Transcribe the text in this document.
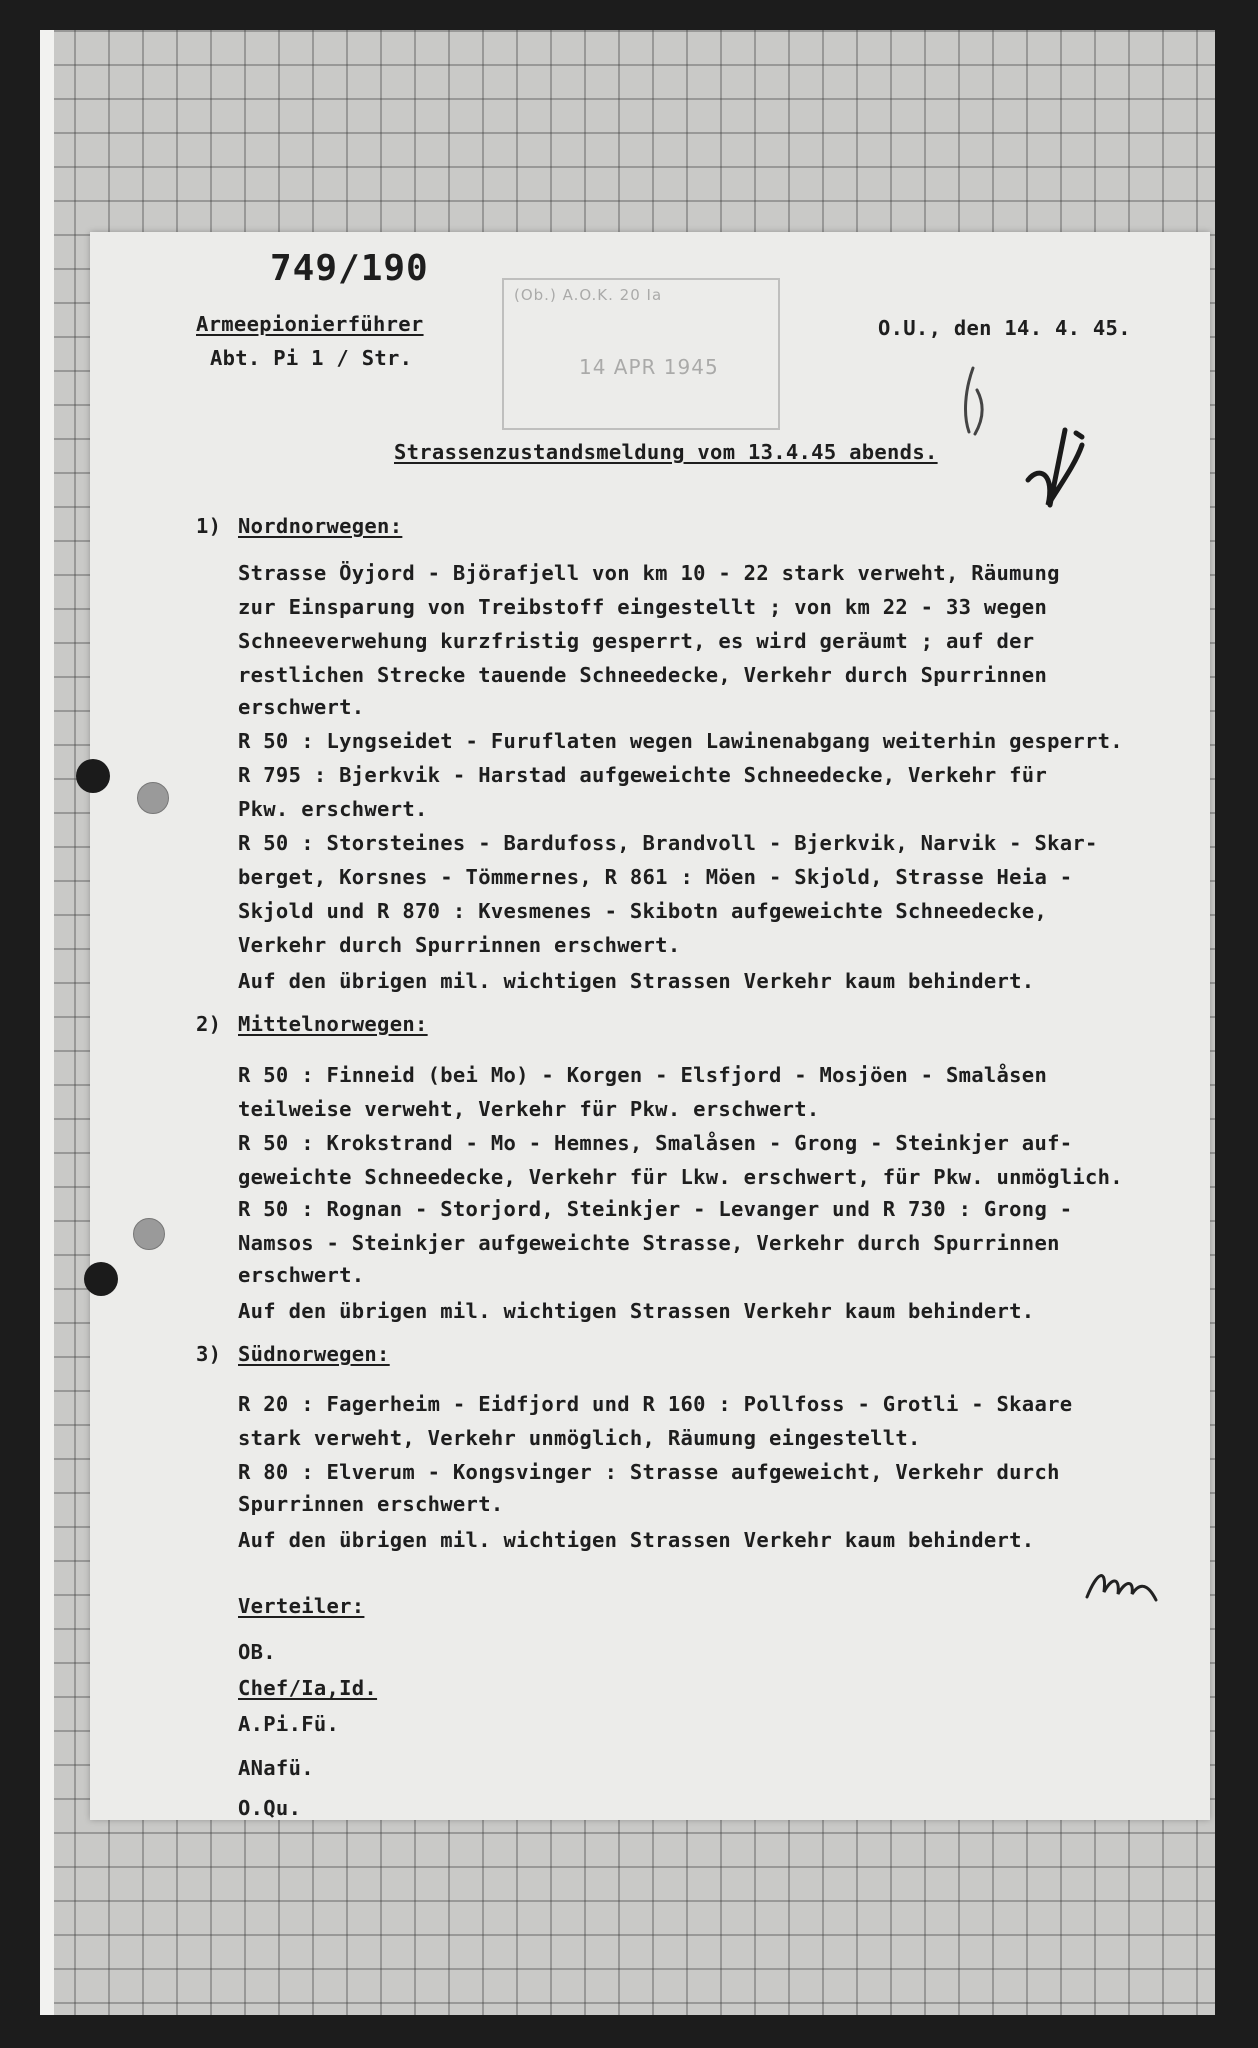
(Ob.) A.O.K. 20 Ia
14 APR 1945
749/190
Armeepionierführer
Abt. Pi 1 / Str.
O.U., den 14. 4. 45.
Strassenzustandsmeldung vom 13.4.45 abends.
1) Nordnorwegen:
Strasse Öyjord - Björafjell von km 10 - 22 stark verweht, Räumung
zur Einsparung von Treibstoff eingestellt ; von km 22 - 33 wegen
Schneeverwehung kurzfristig gesperrt, es wird geräumt ; auf der
restlichen Strecke tauende Schneedecke, Verkehr durch Spurrinnen
erschwert.
R 50 : Lyngseidet - Furuflaten wegen Lawinenabgang weiterhin gesperrt.
R 795 : Bjerkvik - Harstad aufgeweichte Schneedecke, Verkehr für
Pkw. erschwert.
R 50 : Storsteines - Bardufoss, Brandvoll - Bjerkvik, Narvik - Skar-
berget, Korsnes - Tömmernes, R 861 : Möen - Skjold, Strasse Heia -
Skjold und R 870 : Kvesmenes - Skibotn aufgeweichte Schneedecke,
Verkehr durch Spurrinnen erschwert.
Auf den übrigen mil. wichtigen Strassen Verkehr kaum behindert.
2) Mittelnorwegen:
R 50 : Finneid (bei Mo) - Korgen - Elsfjord - Mosjöen - Smalåsen
teilweise verweht, Verkehr für Pkw. erschwert.
R 50 : Krokstrand - Mo - Hemnes, Smalåsen - Grong - Steinkjer auf-
geweichte Schneedecke, Verkehr für Lkw. erschwert, für Pkw. unmöglich.
R 50 : Rognan - Storjord, Steinkjer - Levanger und R 730 : Grong -
Namsos - Steinkjer aufgeweichte Strasse, Verkehr durch Spurrinnen
erschwert.
Auf den übrigen mil. wichtigen Strassen Verkehr kaum behindert.
3) Südnorwegen:
R 20 : Fagerheim - Eidfjord und R 160 : Pollfoss - Grotli - Skaare
stark verweht, Verkehr unmöglich, Räumung eingestellt.
R 80 : Elverum - Kongsvinger : Strasse aufgeweicht, Verkehr durch
Spurrinnen erschwert.
Auf den übrigen mil. wichtigen Strassen Verkehr kaum behindert.
Verteiler:
OB.
Chef/Ia,Id.
A.Pi.Fü.
ANafü.
O.Qu.
